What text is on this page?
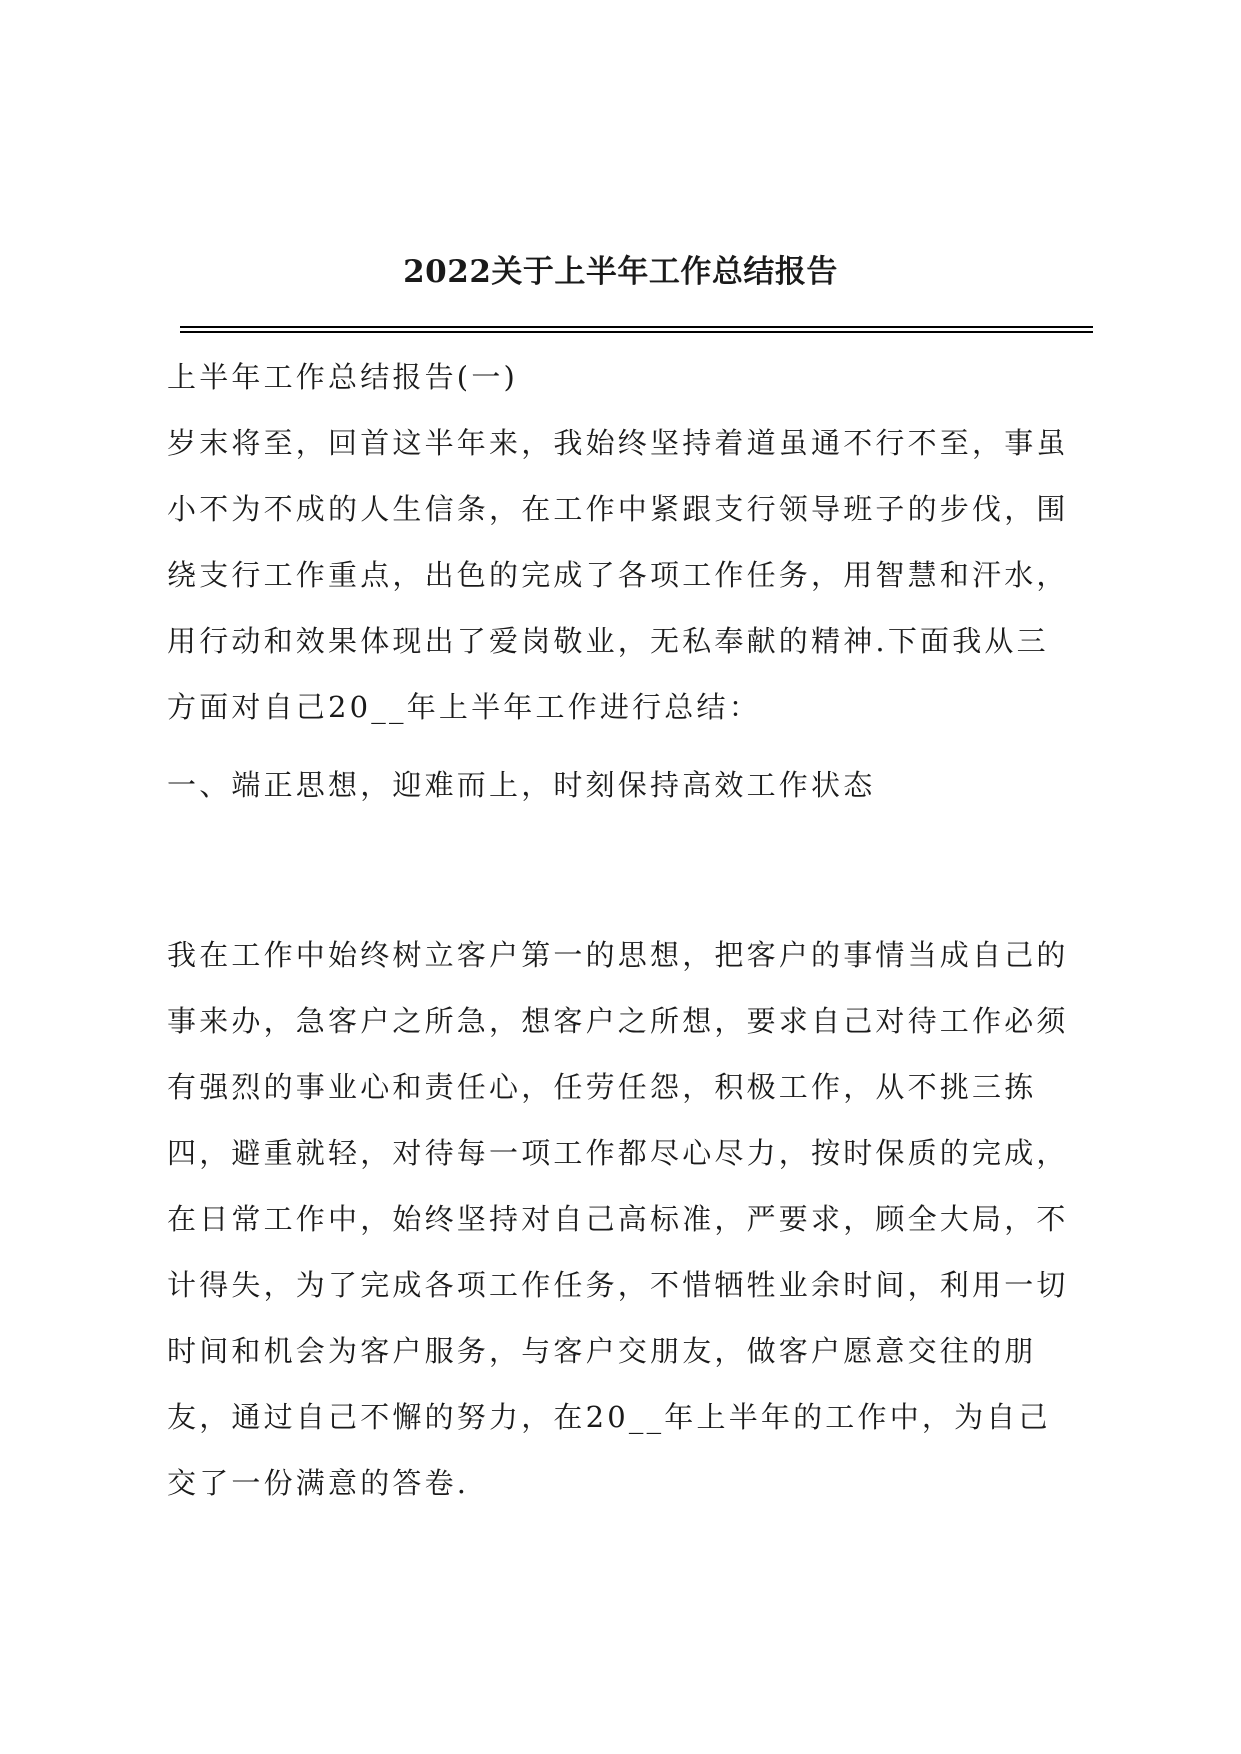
2022关于上半年工作总结报告
上半年工作总结报告(一)
岁末将至，回首这半年来，我始终坚持着道虽通不行不至，事虽
小不为不成的人生信条，在工作中紧跟支行领导班子的步伐，围
绕支行工作重点，出色的完成了各项工作任务，用智慧和汗水，
用行动和效果体现出了爱岗敬业，无私奉献的精神.下面我从三
方面对自己20__年上半年工作进行总结：
一、端正思想，迎难而上，时刻保持高效工作状态
我在工作中始终树立客户第一的思想，把客户的事情当成自己的
事来办，急客户之所急，想客户之所想，要求自己对待工作必须
有强烈的事业心和责任心，任劳任怨，积极工作，从不挑三拣
四，避重就轻，对待每一项工作都尽心尽力，按时保质的完成，
在日常工作中，始终坚持对自己高标准，严要求，顾全大局，不
计得失，为了完成各项工作任务，不惜牺牲业余时间，利用一切
时间和机会为客户服务，与客户交朋友，做客户愿意交往的朋
友，通过自己不懈的努力，在20__年上半年的工作中，为自己
交了一份满意的答卷.
